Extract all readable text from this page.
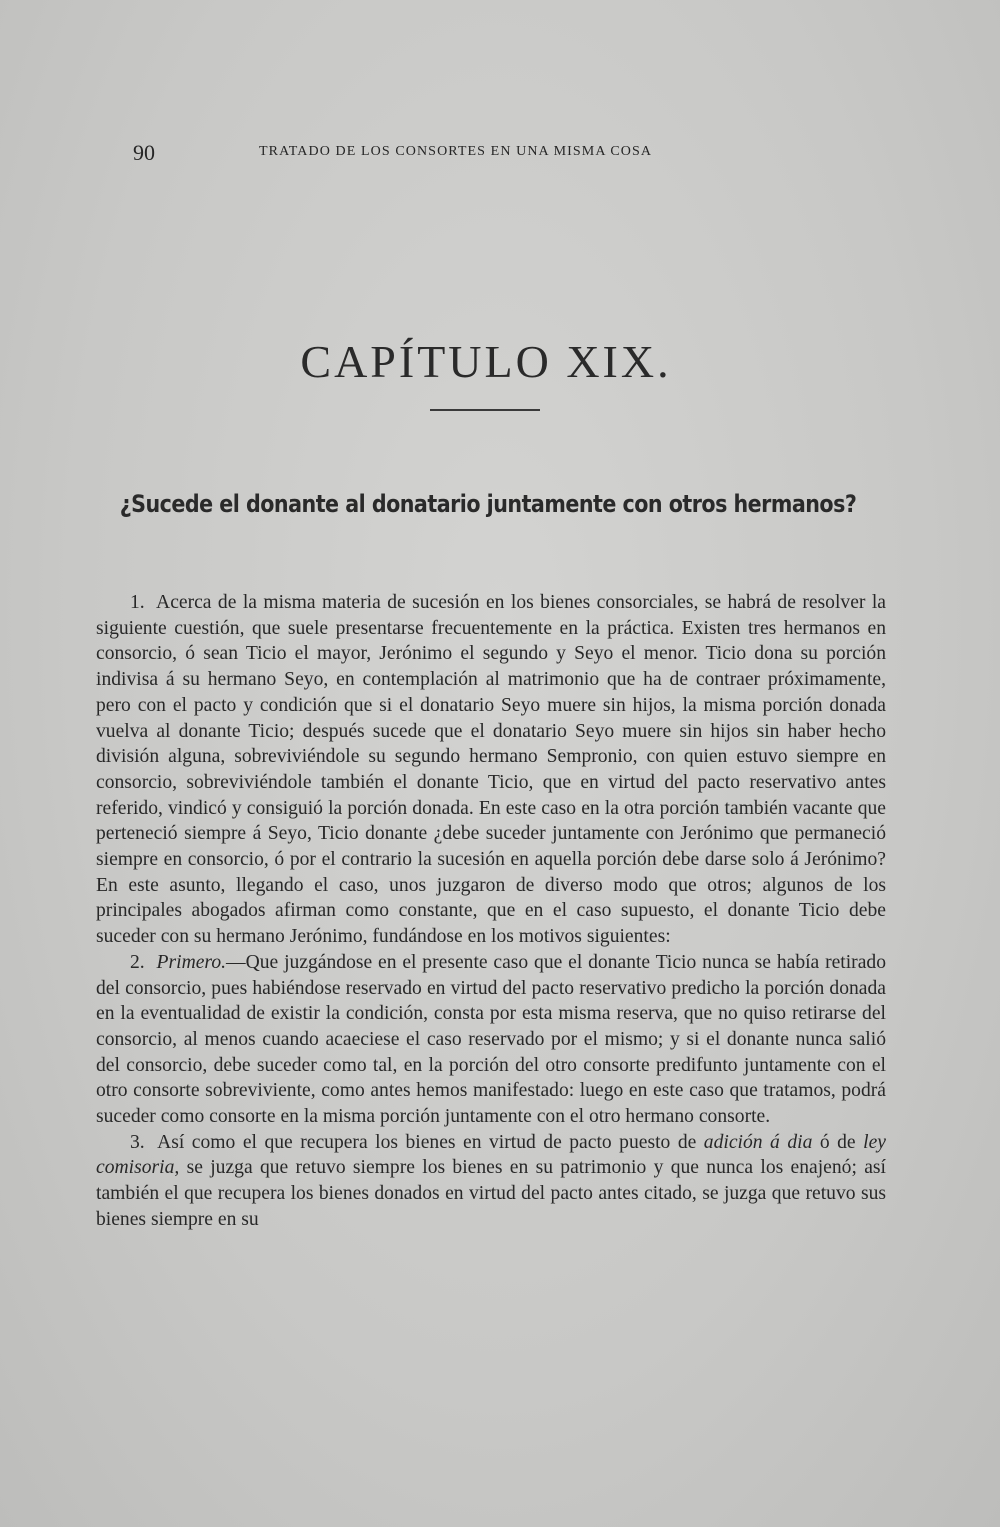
90	TRATADO DE LOS CONSORTES EN UNA MISMA COSA
CAPÍTULO XIX.
¿Sucede el donante al donatario juntamente con otros hermanos?

1. Acerca de la misma materia de sucesión en los bienes consorciales, se habrá de resolver la siguiente cuestión, que suele presentarse frecuentemente en la práctica. Existen tres hermanos en consorcio, ó sean Ticio el mayor, Jerónimo el segundo y Seyo el menor. Ticio dona su porción indivisa á su hermano Seyo, en contemplación al matrimonio que ha de contraer próximamente, pero con el pacto y condición que si el donatario Seyo muere sin hijos, la misma porción donada vuelva al donante Ticio; después sucede que el donatario Seyo muere sin hijos sin haber hecho división alguna, sobreviviéndole su segundo hermano Sempronio, con quien estuvo siempre en consorcio, sobreviviéndole también el donante Ticio, que en virtud del pacto reservativo antes referido, vindicó y consiguió la porción donada. En este caso en la otra porción también vacante que perteneció siempre á Seyo, Ticio donante ¿debe suceder juntamente con Jerónimo que permaneció siempre en consorcio, ó por el contrario la sucesión en aquella porción debe darse solo á Jerónimo? En este asunto, llegando el caso, unos juzgaron de diverso modo que otros; algunos de los principales abogados afirman como constante, que en el caso supuesto, el donante Ticio debe suceder con su hermano Jerónimo, fundándose en los motivos siguientes:

2. Primero.—Que juzgándose en el presente caso que el donante Ticio nunca se había retirado del consorcio, pues habiéndose reservado en virtud del pacto reservativo predicho la porción donada en la eventualidad de existir la condición, consta por esta misma reserva, que no quiso retirarse del consorcio, al menos cuando acaeciese el caso reservado por el mismo; y si el donante nunca salió del consorcio, debe suceder como tal, en la porción del otro consorte predifunto juntamente con el otro consorte sobreviviente, como antes hemos manifestado: luego en este caso que tratamos, podrá suceder como consorte en la misma porción juntamente con el otro hermano consorte.

3. Así como el que recupera los bienes en virtud de pacto puesto de adición á dia ó de ley comisoria, se juzga que retuvo siempre los bienes en su patrimonio y que nunca los enajenó; así también el que recupera los bienes donados en virtud del pacto antes citado, se juzga que retuvo sus bienes siempre en su
